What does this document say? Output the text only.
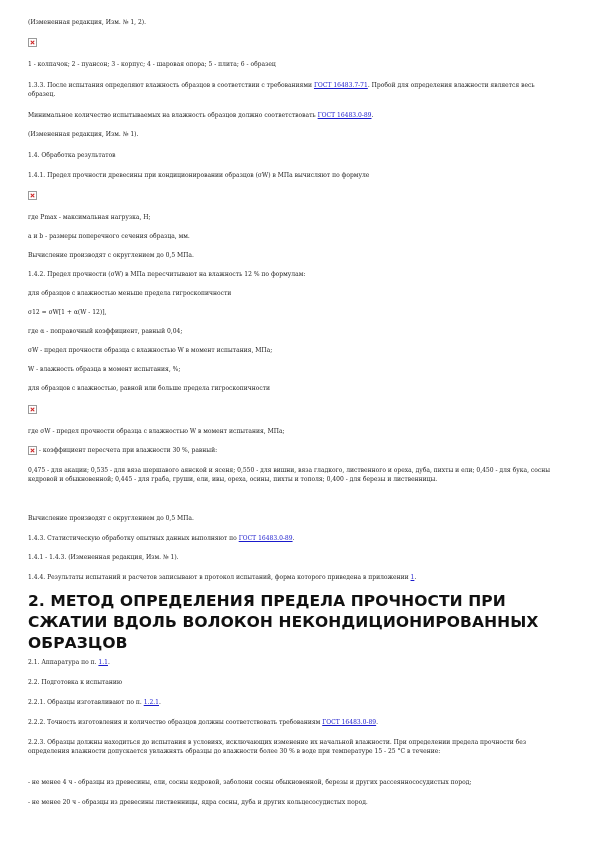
(Измененная редакция, Изм. № 1, 2).

1 - колпачок; 2 - пуансон; 3 - корпус; 4 - шаровая опора; 5 - плита; 6 - образец

1.3.3. После испытания определяют влажность образцов в соответствии с требованиями ГОСТ 16483.7-71. Пробой для определения влажности является весь образец.

Минимальное количество испытываемых на влажность образцов должно соответствовать ГОСТ 16483.0-89.

(Измененная редакция, Изм. № 1).

1.4. Обработка результатов

1.4.1. Предел прочности древесины при кондиционировании образцов (σW) в МПа вычисляют по формуле

где Pmax - максимальная нагрузка, Н;

a и b - размеры поперечного сечения образца, мм.

Вычисление производят с округлением до 0,5 МПа.

1.4.2. Предел прочности (σW) в МПа пересчитывают на влажность 12 % по формулам:

для образцов с влажностью меньше предела гигроскопичности

σ12 = σW[1 + α(W - 12)],

где α - поправочный коэффициент, равный 0,04;

σW - предел прочности образца с влажностью W в момент испытания, МПа;

W - влажность образца в момент испытания, %;

для образцов с влажностью, равной или больше предела гигроскопичности

где σW - предел прочности образца с влажностью W в момент испытания, МПа;

- коэффициент пересчета при влажности 30 %, равный:

0,475 - для акации; 0,535 - для вяза шершавого аянской и ясеня; 0,550 - для вишни, вяза гладкого, лиственного и ореха, дуба, пихты и ели; 0,450 - для бука, сосны кедровой и обыкновенной; 0,445 - для граба, груши, ели, ивы, ореха, осины, пихты и тополя; 0,400 - для березы и лиственницы.

Вычисление производят с округлением до 0,5 МПа.

1.4.3. Статистическую обработку опытных данных выполняют по ГОСТ 16483.0-89.

1.4.1 - 1.4.3. (Измененная редакция, Изм. № 1).

1.4.4. Результаты испытаний и расчетов записывают в протокол испытаний, форма которого приведена в приложении 1.

2. МЕТОД ОПРЕДЕЛЕНИЯ ПРЕДЕЛА ПРОЧНОСТИ ПРИ СЖАТИИ ВДОЛЬ ВОЛОКОН НЕКОНДИЦИОНИРОВАННЫХ ОБРАЗЦОВ

2.1. Аппаратура по п. 1.1.

2.2. Подготовка к испытанию

2.2.1. Образцы изготавливают по п. 1.2.1.

2.2.2. Точность изготовления и количество образцов должны соответствовать требованиям ГОСТ 16483.0-89.

2.2.3. Образцы должны находиться до испытания в условиях, исключающих изменение их начальной влажности. При определении предела прочности без определения влажности допускается увлажнять образцы до влажности более 30 % в воде при температуре 15 - 25 °С в течение:

- не менее 4 ч - образцы из древесины, ели, сосны кедровой, заболони сосны обыкновенной, березы и других рассеяннососудистых пород;

- не менее 20 ч - образцы из древесины лиственницы, ядра сосны, дуба и других кольцесосудистых пород.
